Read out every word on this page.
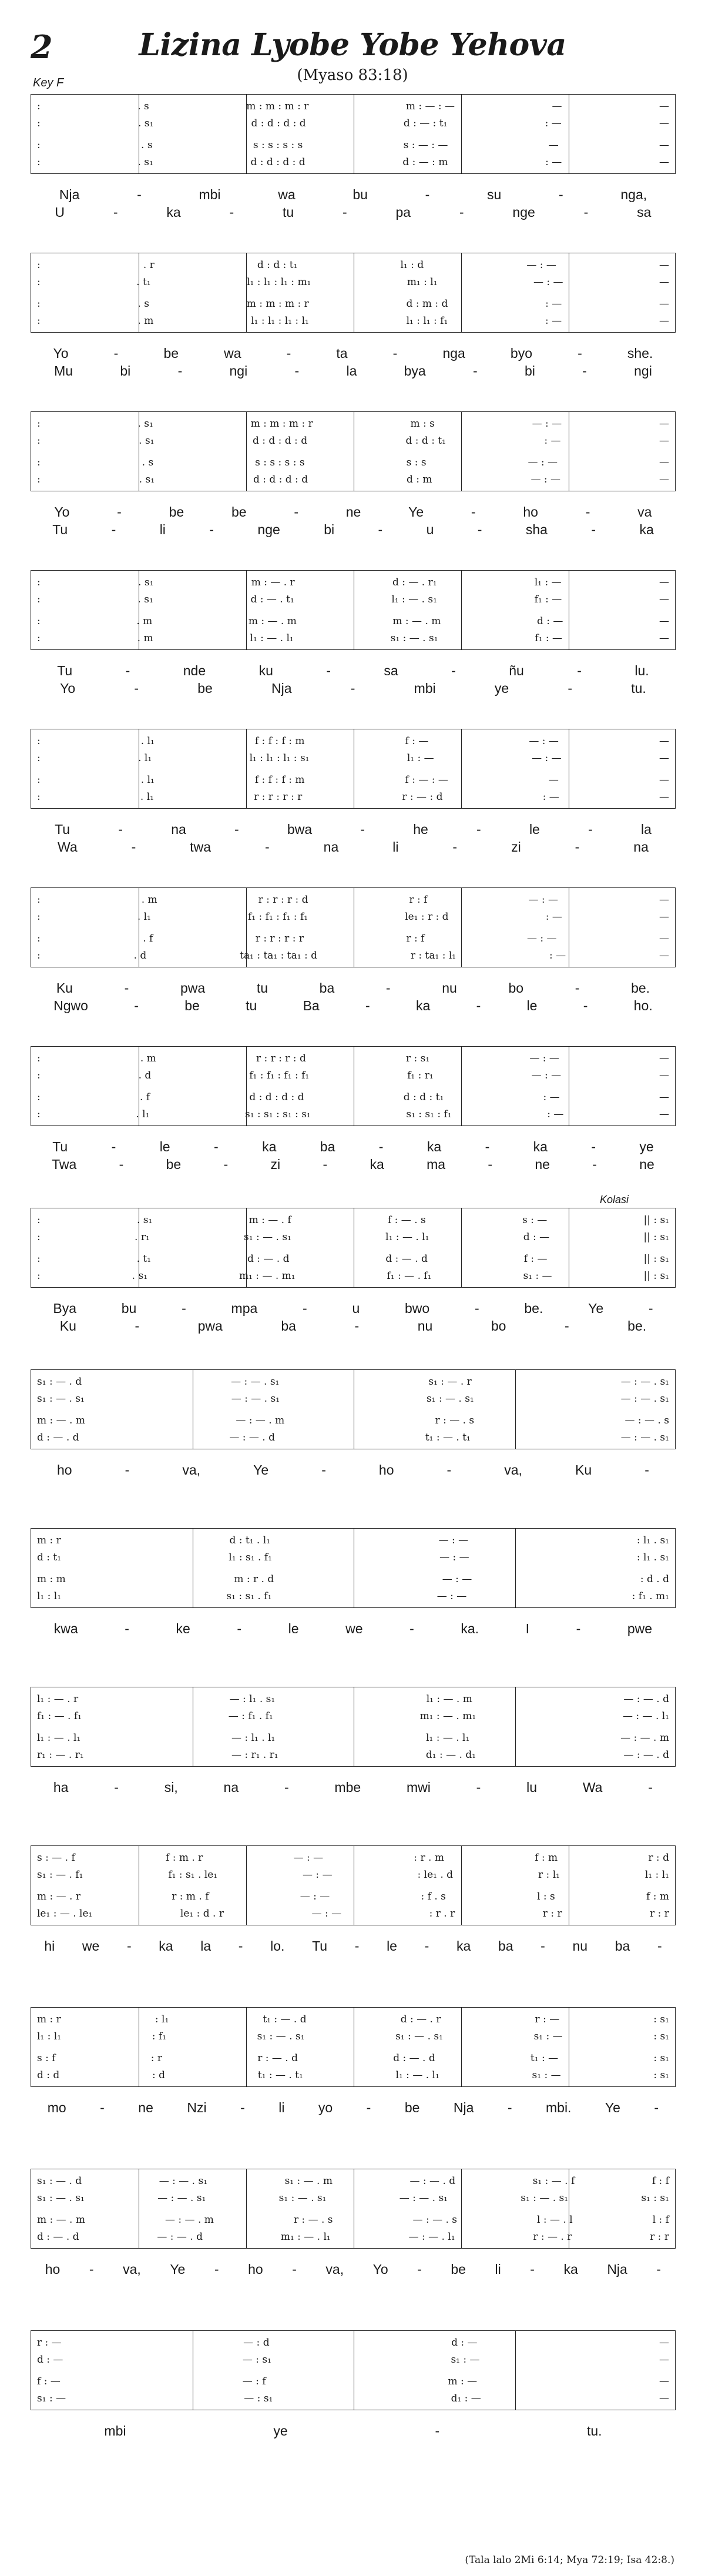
2	Lizina Lyobe Yobe Yehova
(Myaso 83:18)
Key F
:	. s	m : m : m : r	m : — : —	—	—
:	. s₁	d : d : d : d	d : — : t₁	: —	—
:	. s	s : s : s : s	s : — : —	—	—
:	. s₁	d : d : d : d	d : — : m	: —	—
Nja	-	mbi	wa	bu	-	su	-	nga,
U	-	ka	-	tu	-	pa	-	nge	-	sa
:	. r	d : d : t₁	l₁ : d	— : —	—
:	. t₁	l₁ : l₁ : l₁ : m₁	m₁ : l₁	— : —	—
:	. s	m : m : m : r	d : m : d	: —	—
:	. m	l₁ : l₁ : l₁ : l₁	l₁ : l₁ : f₁	: —	—
Yo	-	be	wa	-	ta	-	nga	byo	-	she.
Mu	bi	-	ngi	-	la	bya	-	bi	-	ngi
:	. s₁	m : m : m : r	m : s	— : —	—
:	. s₁	d : d : d : d	d : d : t₁	: —	—
:	. s	s : s : s : s	s : s	— : —	—
:	. s₁	d : d : d : d	d : m	— : —	—
Yo	-	be	be	-	ne	Ye	-	ho	-	va
Tu	-	li	-	nge	bi	-	u	-	sha	-	ka
:	. s₁	m : — . r	d : — . r₁	l₁ : —	—
:	. s₁	d : — . t₁	l₁ : — . s₁	f₁ : —	—
:	. m	m : — . m	m : — . m	d : —	—
:	. m	l₁ : — . l₁	s₁ : — . s₁	f₁ : —	—
Tu	-	nde	ku	-	sa	-	ñu	-	lu.
Yo	-	be	Nja	-	mbi	ye	-	tu.
:	. l₁	f : f : f : m	f : —	— : —	—
:	. l₁	l₁ : l₁ : l₁ : s₁	l₁ : —	— : —	—
:	. l₁	f : f : f : m	f : — : —	—	—
:	. l₁	r : r : r : r	r : — : d	: —	—
Tu	-	na	-	bwa	-	he	-	le	-	la
Wa	-	twa	-	na	li	-	zi	-	na
:	. m	r : r : r : d	r : f	— : —	—
:	. l₁	f₁ : f₁ : f₁ : f₁	le₁ : r : d	: —	—
:	. f	r : r : r : r	r : f	— : —	—
:	. d	ta₁ : ta₁ : ta₁ : d	r : ta₁ : l₁	: —	—
Ku	-	pwa	tu	ba	-	nu	bo	-	be.
Ngwo	-	be	tu	Ba	-	ka	-	le	-	ho.
:	. m	r : r : r : d	r : s₁	— : —	—
:	. d	f₁ : f₁ : f₁ : f₁	f₁ : r₁	— : —	—
:	. f	d : d : d : d	d : d : t₁	: —	—
:	. l₁	s₁ : s₁ : s₁ : s₁	s₁ : s₁ : f₁	: —	—
Tu	-	le	-	ka	ba	-	ka	-	ka	-	ye
Twa	-	be	-	zi	-	ka	ma	-	ne	-	ne
Kolasi
:	. s₁	m : — . f	f : — . s	s : —	|| : s₁
:	. r₁	s₁ : — . s₁	l₁ : — . l₁	d : —	|| : s₁
:	. t₁	d : — . d	d : — . d	f : —	|| : s₁
:	. s₁	m₁ : — . m₁	f₁ : — . f₁	s₁ : —	|| : s₁
Bya	bu	-	mpa	-	u	bwo	-	be.	Ye	-
Ku	-	pwa	ba	-	nu	bo	-	be.
s₁ : — . d	— : — . s₁	s₁ : — . r	— : — . s₁
s₁ : — . s₁	— : — . s₁	s₁ : — . s₁	— : — . s₁
m : — . m	— : — . m	r : — . s	— : — . s
d : — . d	— : — . d	t₁ : — . t₁	— : — . s₁
ho	-	va,	Ye	-	ho	-	va,	Ku	-
m : r	d : t₁ . l₁	— : —	: l₁ . s₁
d : t₁	l₁ : s₁ . f₁	— : —	: l₁ . s₁
m : m	m : r . d	— : —	: d . d
l₁ : l₁	s₁ : s₁ . f₁	— : —	: f₁ . m₁
kwa	-	ke	-	le	we	-	ka.	I	-	pwe
l₁ : — . r	— : l₁ . s₁	l₁ : — . m	— : — . d
f₁ : — . f₁	— : f₁ . f₁	m₁ : — . m₁	— : — . l₁
l₁ : — . l₁	— : l₁ . l₁	l₁ : — . l₁	— : — . m
r₁ : — . r₁	— : r₁ . r₁	d₁ : — . d₁	— : — . d
ha	-	si,	na	-	mbe	mwi	-	lu	Wa	-
s : — . f	f : m . r	— : —	: r . m	f : m	r : d
s₁ : — . f₁	f₁ : s₁ . le₁	— : —	: le₁ . d	r : l₁	l₁ : l₁
m : — . r	r : m . f	— : —	: f . s	l : s	f : m
le₁ : — . le₁	le₁ : d . r	— : —	: r . r	r : r	r : r
hi we - ka la - lo. Tu - le - ka ba - nu ba -
m : r	: l₁	t₁ : — . d	d : — . r	r : —	: s₁
l₁ : l₁	: f₁	s₁ : — . s₁	s₁ : — . s₁	s₁ : —	: s₁
s : f	: r	r : — . d	d : — . d	t₁ : —	: s₁
d : d	: d	t₁ : — . t₁	l₁ : — . l₁	s₁ : —	: s₁
mo - ne Nzi - li yo - be Nja - mbi. Ye -
s₁ : — . d	— : — . s₁	s₁ : — . m	— : — . d	s₁ : — . f	f : f
s₁ : — . s₁	— : — . s₁	s₁ : — . s₁	— : — . s₁	s₁ : — . s₁	s₁ : s₁
m : — . m	— : — . m	r : — . s	— : — . s	l : — . l	l : f
d : — . d	— : — . d	m₁ : — . l₁	— : — . l₁	r : — . r	r : r
ho - va, Ye - ho - va, Yo - be li - ka Nja -
r : —	— : d	d : —	—
d : —	— : s₁	s₁ : —	—
f : —	— : f	m : —	—
s₁ : —	— : s₁	d₁ : —	—
mbi	ye	-	tu.
(Tala lalo 2Mi 6:14; Mya 72:19; Isa 42:8.)
